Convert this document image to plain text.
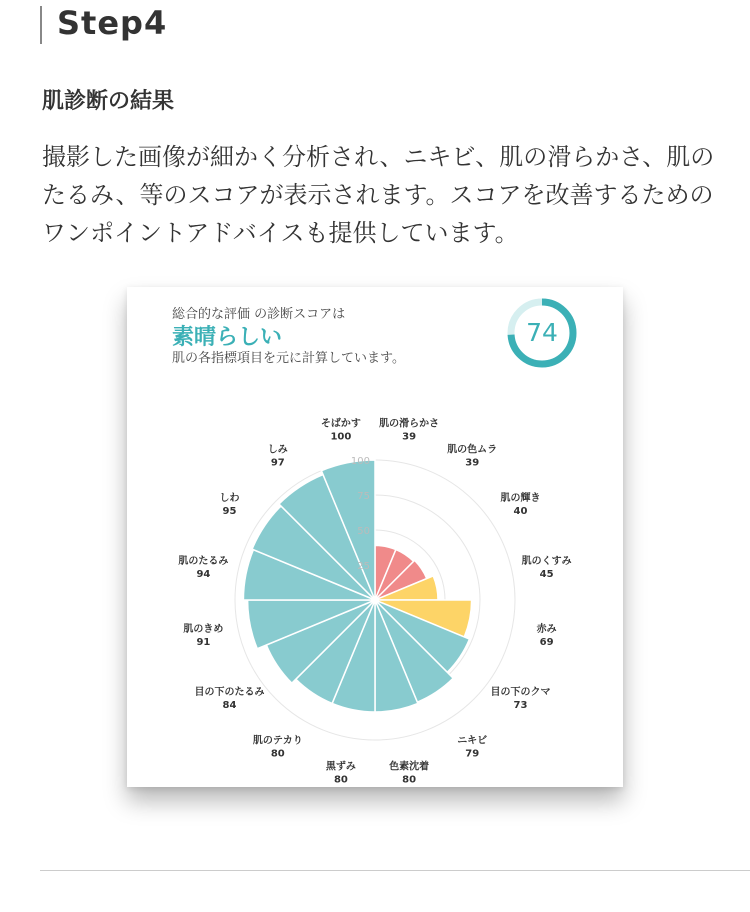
Step4
肌診断の結果

撮影した画像が細かく分析され、ニキビ、肌の滑らかさ、肌のたるみ、等のスコアが表示されます。スコアを改善するためのワンポイントアドバイスも提供しています。

総合的な評価 の診断スコアは
素晴らしい
肌の各指標項目を元に計算しています。
74
25
50
75
100
肌の滑らかさ
39
肌の色ムラ
39
肌の輝き
40
肌のくすみ
45
赤み
69
目の下のクマ
73
ニキビ
79
色素沈着
80
黒ずみ
80
肌のテカり
80
目の下のたるみ
84
肌のきめ
91
肌のたるみ
94
しわ
95
しみ
97
そばかす
100
